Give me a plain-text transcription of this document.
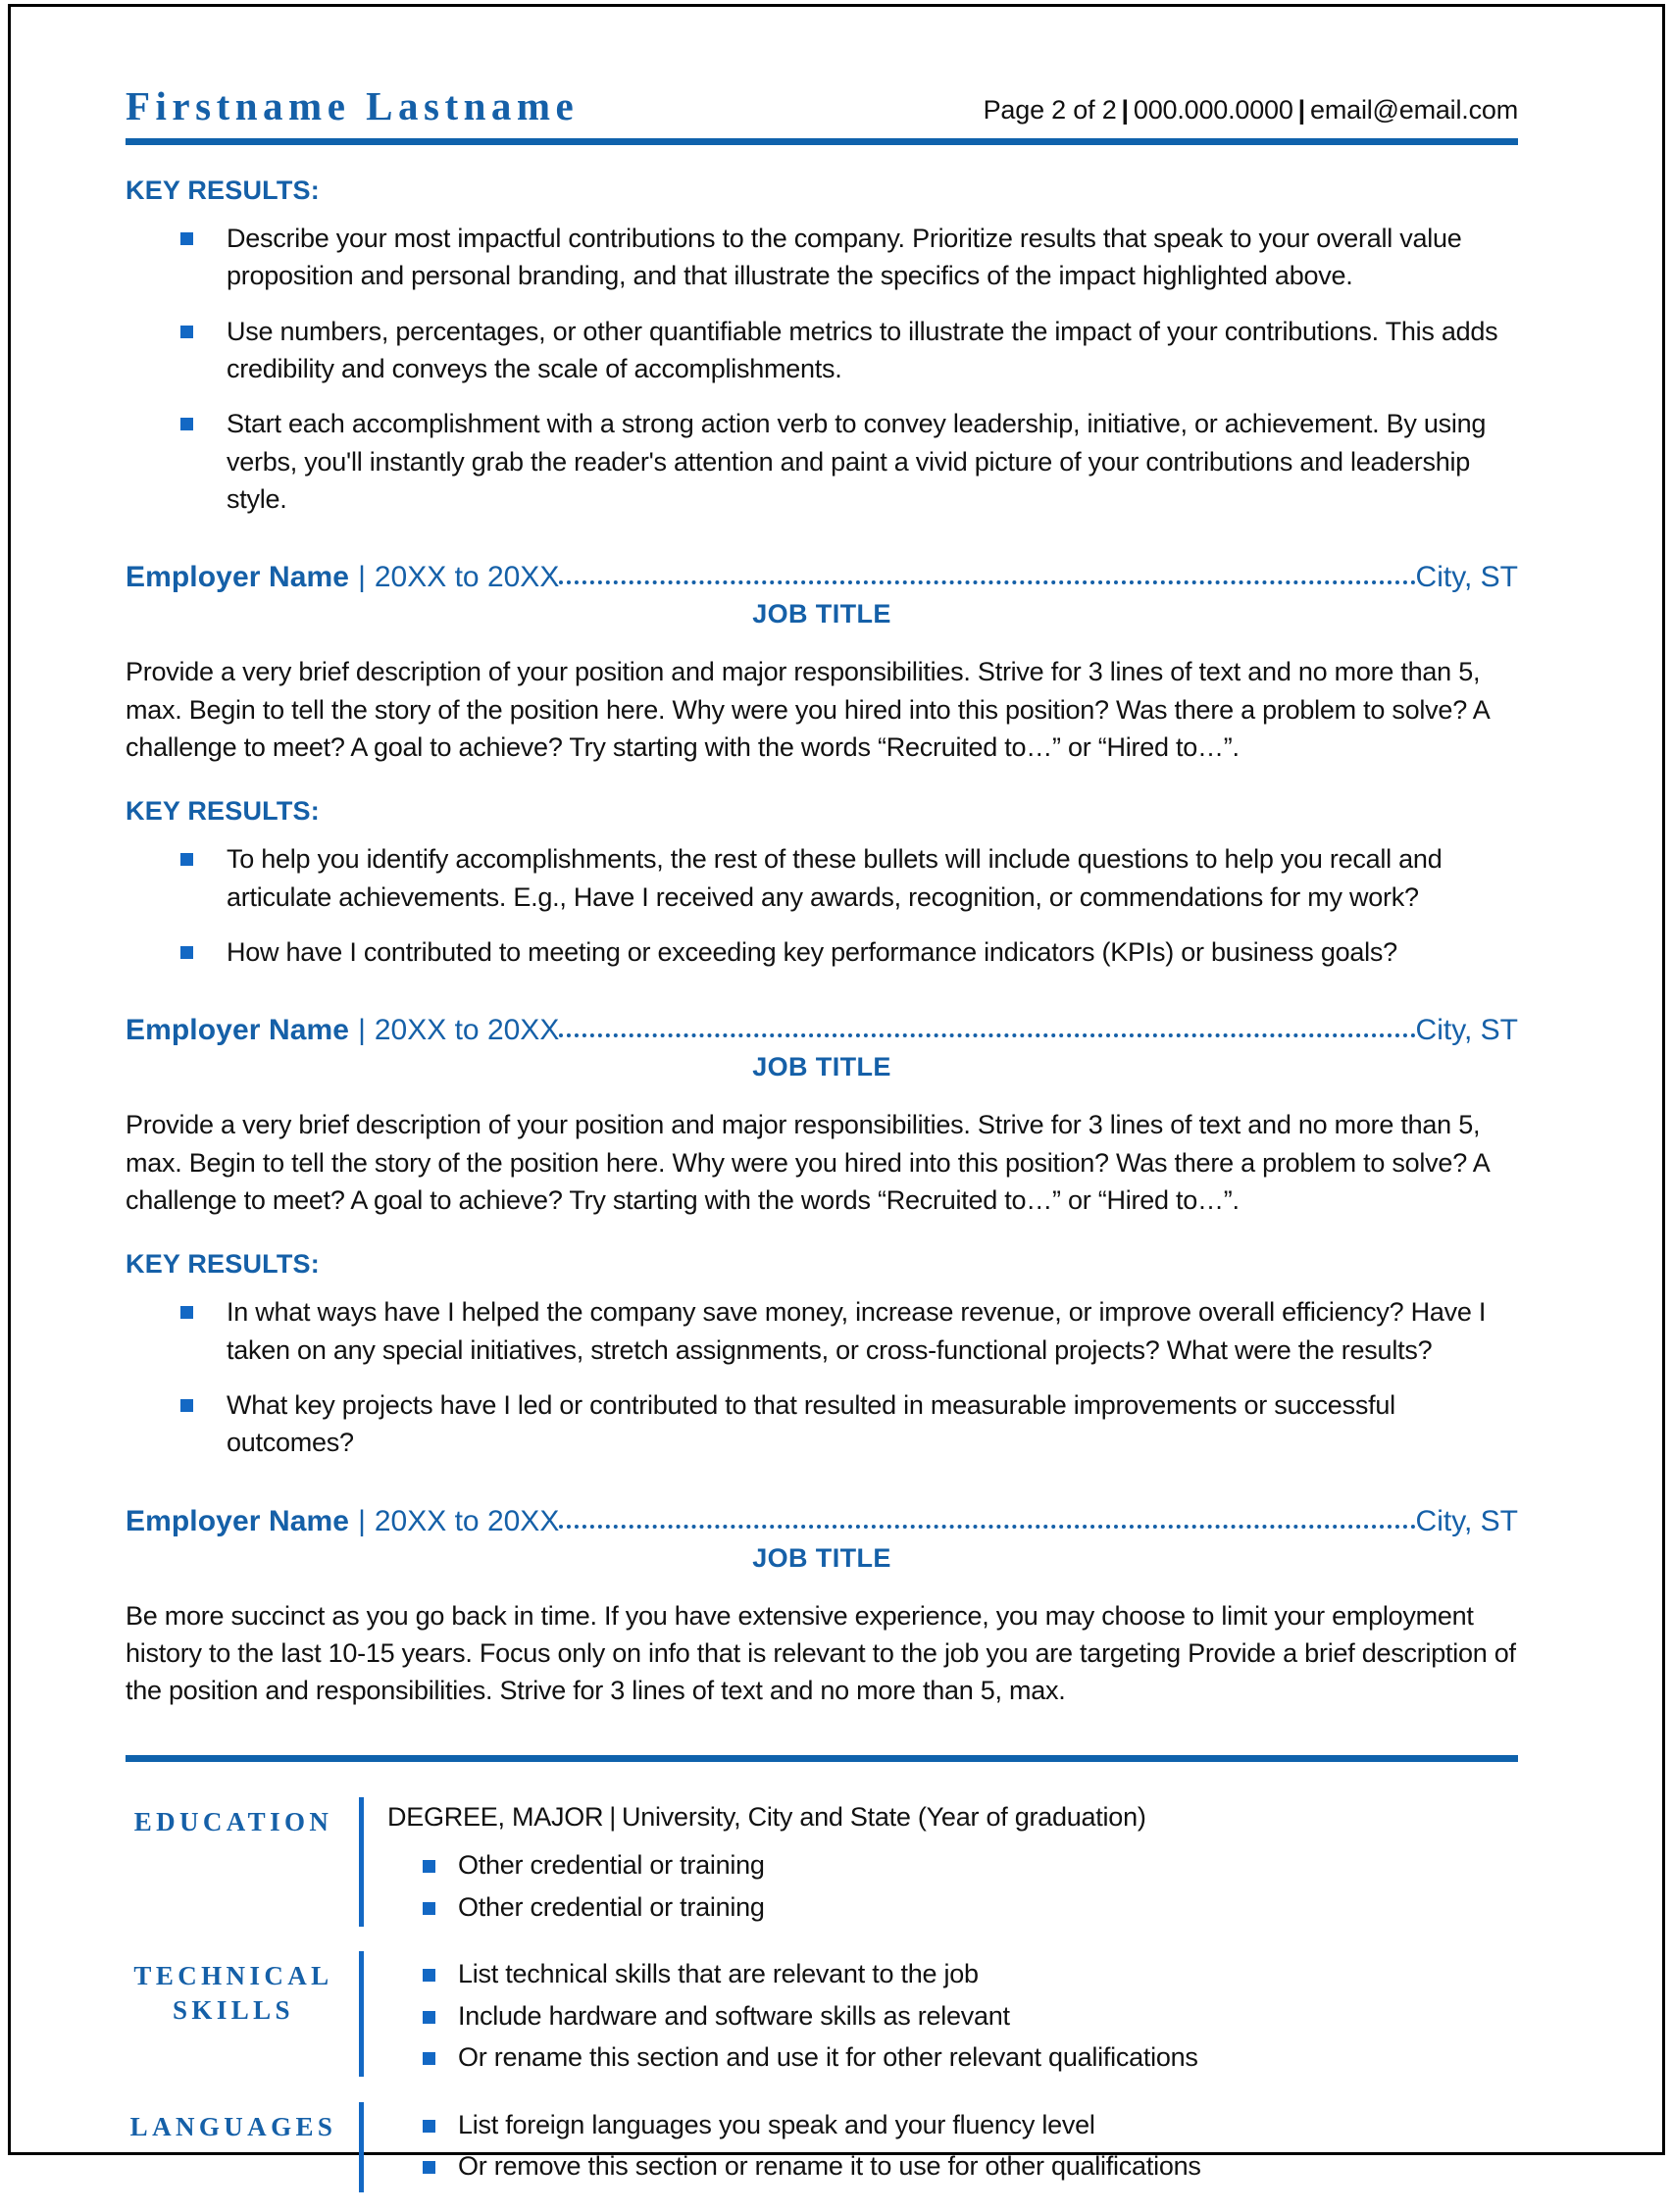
Firstname Lastname	Page 2 of 2 | 000.000.0000 | email@email.com
KEY RESULTS:
Describe your most impactful contributions to the company. Prioritize results that speak to your overall value proposition and personal branding, and that illustrate the specifics of the impact highlighted above.
Use numbers, percentages, or other quantifiable metrics to illustrate the impact of your contributions. This adds credibility and conveys the scale of accomplishments.
Start each accomplishment with a strong action verb to convey leadership, initiative, or achievement. By using verbs, you'll instantly grab the reader's attention and paint a vivid picture of your contributions and leadership style.
Employer Name | 20XX to 20XX	City, ST
JOB TITLE
Provide a very brief description of your position and major responsibilities. Strive for 3 lines of text and no more than 5, max. Begin to tell the story of the position here. Why were you hired into this position? Was there a problem to solve? A challenge to meet? A goal to achieve? Try starting with the words “Recruited to…” or “Hired to…”.
KEY RESULTS:
To help you identify accomplishments, the rest of these bullets will include questions to help you recall and articulate achievements. E.g., Have I received any awards, recognition, or commendations for my work?
How have I contributed to meeting or exceeding key performance indicators (KPIs) or business goals?
Employer Name | 20XX to 20XX	City, ST
JOB TITLE
Provide a very brief description of your position and major responsibilities. Strive for 3 lines of text and no more than 5, max. Begin to tell the story of the position here. Why were you hired into this position? Was there a problem to solve? A challenge to meet? A goal to achieve? Try starting with the words “Recruited to…” or “Hired to…”.
KEY RESULTS:
In what ways have I helped the company save money, increase revenue, or improve overall efficiency? Have I taken on any special initiatives, stretch assignments, or cross-functional projects? What were the results?
What key projects have I led or contributed to that resulted in measurable improvements or successful outcomes?
Employer Name | 20XX to 20XX	City, ST
JOB TITLE
Be more succinct as you go back in time. If you have extensive experience, you may choose to limit your employment history to the last 10-15 years. Focus only on info that is relevant to the job you are targeting Provide a brief description of the position and responsibilities. Strive for 3 lines of text and no more than 5, max.
EDUCATION	DEGREE, MAJOR | University, City and State (Year of graduation)
Other credential or training
Other credential or training
TECHNICAL
SKILLS
List technical skills that are relevant to the job
Include hardware and software skills as relevant
Or rename this section and use it for other relevant qualifications
LANGUAGES	List foreign languages you speak and your fluency level
Or remove this section or rename it to use for other qualifications
